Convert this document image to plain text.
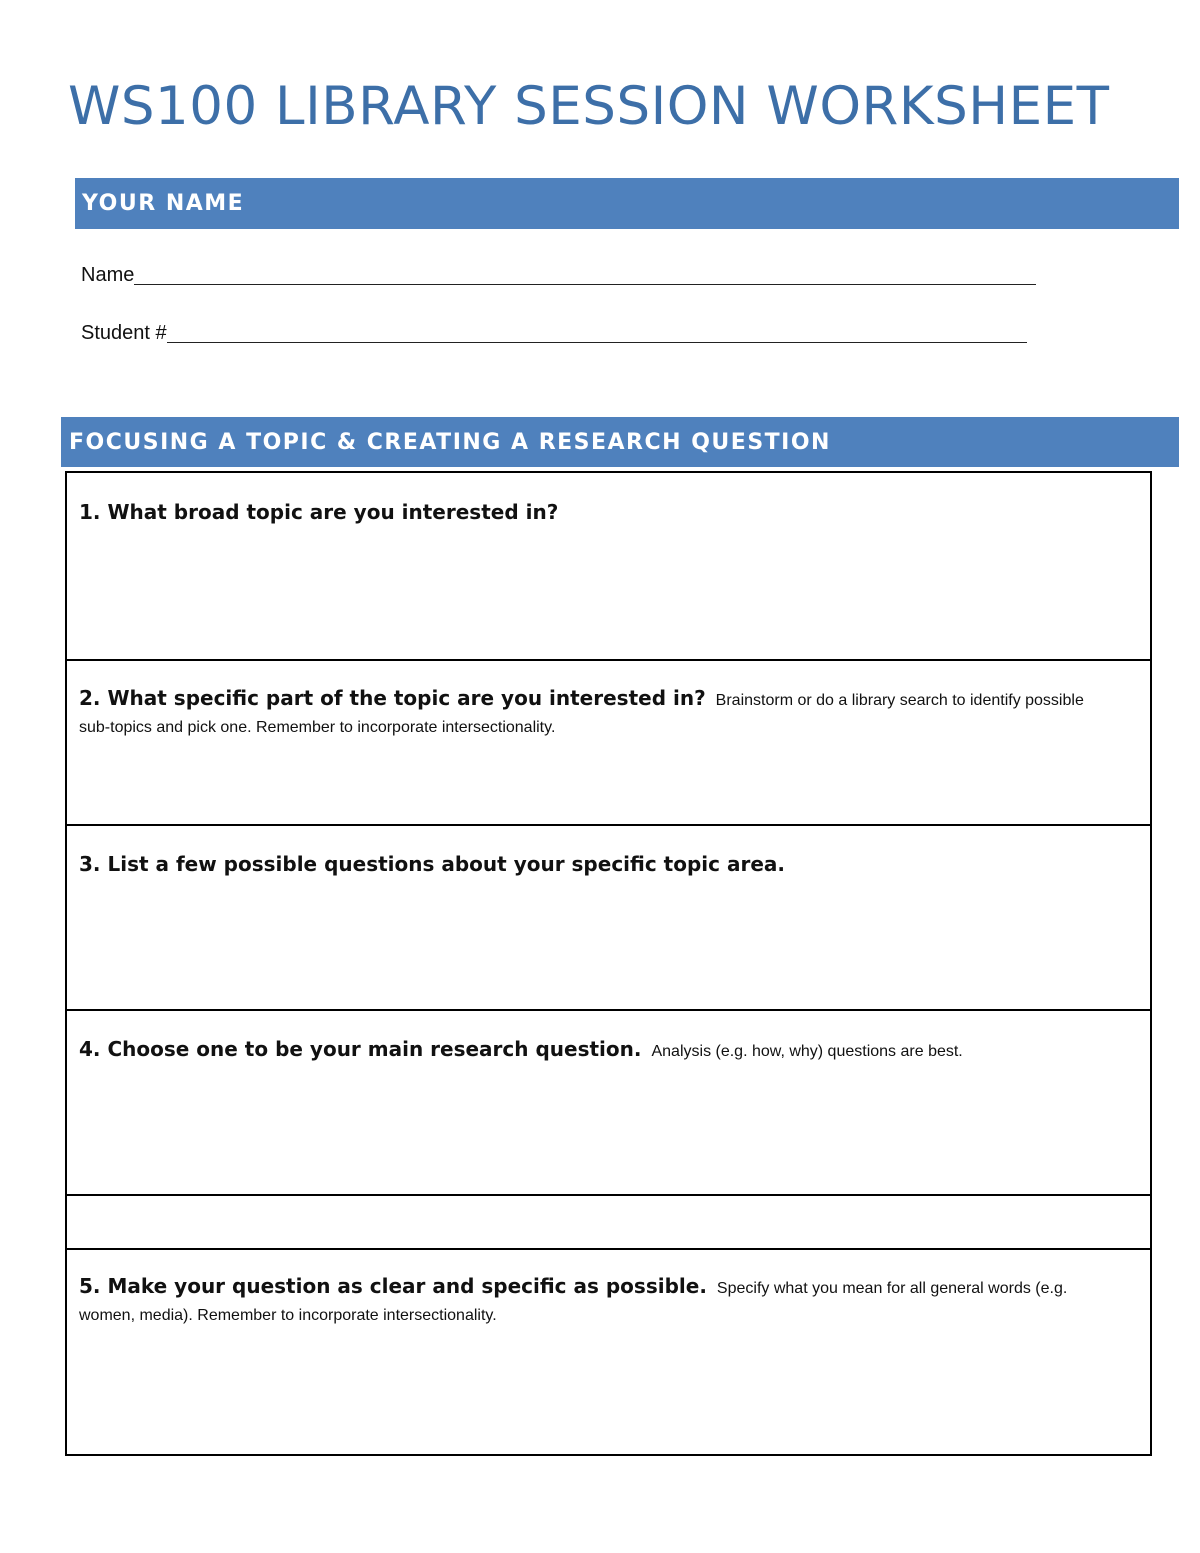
WS100 LIBRARY SESSION WORKSHEET
YOUR NAME
Name
Student #
FOCUSING A TOPIC & CREATING A RESEARCH QUESTION
1. What broad topic are you interested in?
2. What specific part of the topic are you interested in? Brainstorm or do a library search to identify possible
sub-topics and pick one. Remember to incorporate intersectionality.
3. List a few possible questions about your specific topic area.
4. Choose one to be your main research question. Analysis (e.g. how, why) questions are best.
5. Make your question as clear and specific as possible. Specify what you mean for all general words (e.g.
women, media). Remember to incorporate intersectionality.
